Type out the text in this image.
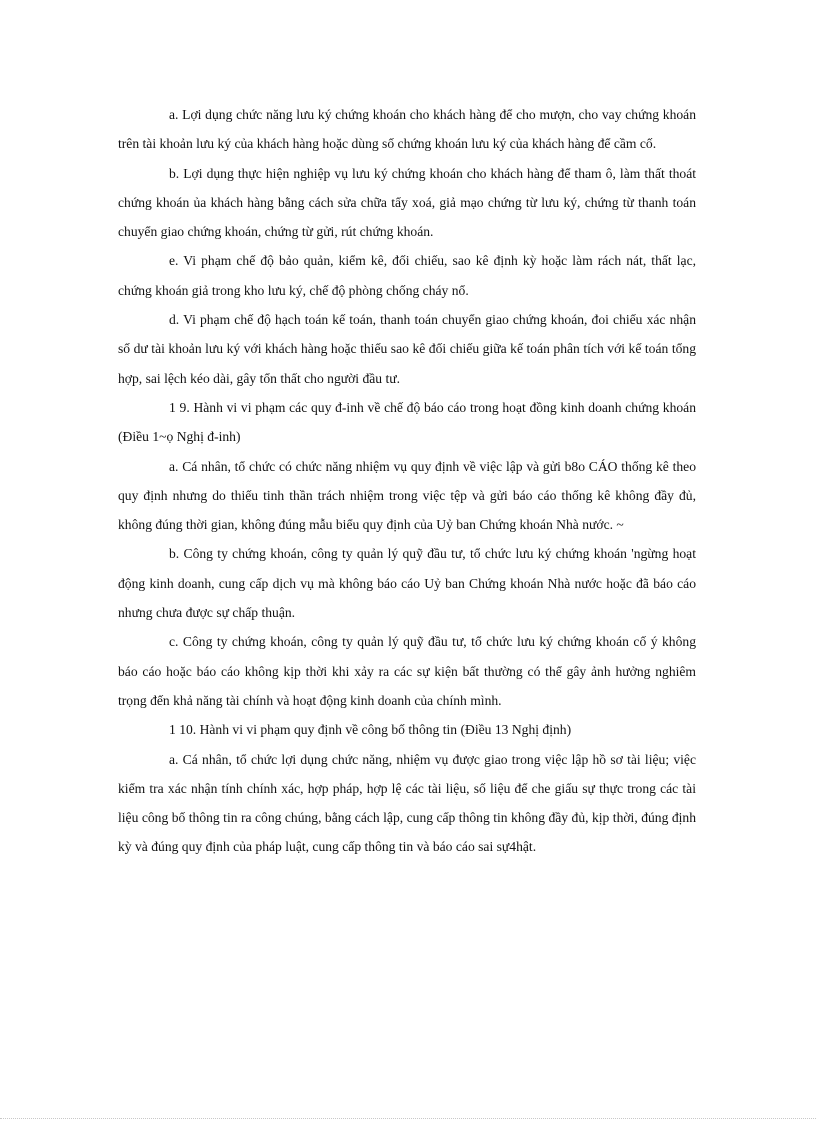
a. Lợi dụng chức năng lưu ký chứng khoán cho khách hàng để cho mượn, cho vay chứng khoán trên tài khoản lưu ký của khách hàng hoặc dùng số chứng khoán lưu ký của khách hàng để cầm cố.

b. Lợi dụng thực hiện nghiệp vụ lưu ký chứng khoán cho khách hàng để tham ô, làm thất thoát chứng khoán ủa khách hàng bằng cách sửa chữa tẩy xoá, giả mạo chứng từ lưu ký, chứng từ thanh toán chuyển giao chứng khoán, chứng từ gửi, rút chứng khoán.

e. Vi phạm chế độ bảo quản, kiểm kê, đối chiếu, sao kê định kỳ hoặc làm rách nát, thất lạc, chứng khoán giả trong kho lưu ký, chế độ phòng chống cháy nổ.

d. Vi phạm chế độ hạch toán kế toán, thanh toán chuyển giao chứng khoán, đoi chiếu xác nhận số dư tài khoản lưu ký với khách hàng hoặc thiếu sao kê đối chiếu giữa kế toán phân tích với kế toán tổng hợp, sai lệch kéo dài, gây tổn thất cho người đầu tư.

1 9. Hành vi vi phạm các quy đ-inh về chế độ báo cáo trong hoạt đồng kinh doanh chứng khoán (Điều 1~ọ Nghị đ-inh)

a. Cá nhân, tổ chức có chức năng nhiệm vụ quy định về việc lập và gửi b8o CÁO thống kê theo quy định nhưng do thiếu tinh thần trách nhiệm trong việc tệp và gửi báo cáo thống kê không đầy đủ, không đúng thời gian, không đúng mẫu biểu quy định của Uỷ ban Chứng khoán Nhà nước. ~

b. Công ty chứng khoán, công ty quản lý quỹ đầu tư, tổ chức lưu ký chứng khoán 'ngừng hoạt động kinh doanh, cung cấp dịch vụ mà không báo cáo Uỷ ban Chứng khoán Nhà nước hoặc đã báo cáo nhưng chưa được sự chấp thuận.

c. Công ty chứng khoán, công ty quản lý quỹ đầu tư, tổ chức lưu ký chứng khoán cố ý không báo cáo hoặc báo cáo không kịp thời khi xảy ra các sự kiện bất thường có thể gây ảnh hưởng nghiêm trọng đến khả năng tài chính và hoạt động kinh doanh của chính mình.

1 10. Hành vi vi phạm quy định về công bố thông tin (Điều 13 Nghị định)

a. Cá nhân, tổ chức lợi dụng chức năng, nhiệm vụ được giao trong việc lập hồ sơ tài liệu; việc kiểm tra xác nhận tính chính xác, hợp pháp, hợp lệ các tài liệu, số liệu để che giấu sự thực trong các tài liệu công bố thông tin ra công chúng, bằng cách lập, cung cấp thông tin không đầy đủ, kịp thời, đúng định kỳ và đúng quy định của pháp luật, cung cấp thông tin và báo cáo sai sự4hật.
